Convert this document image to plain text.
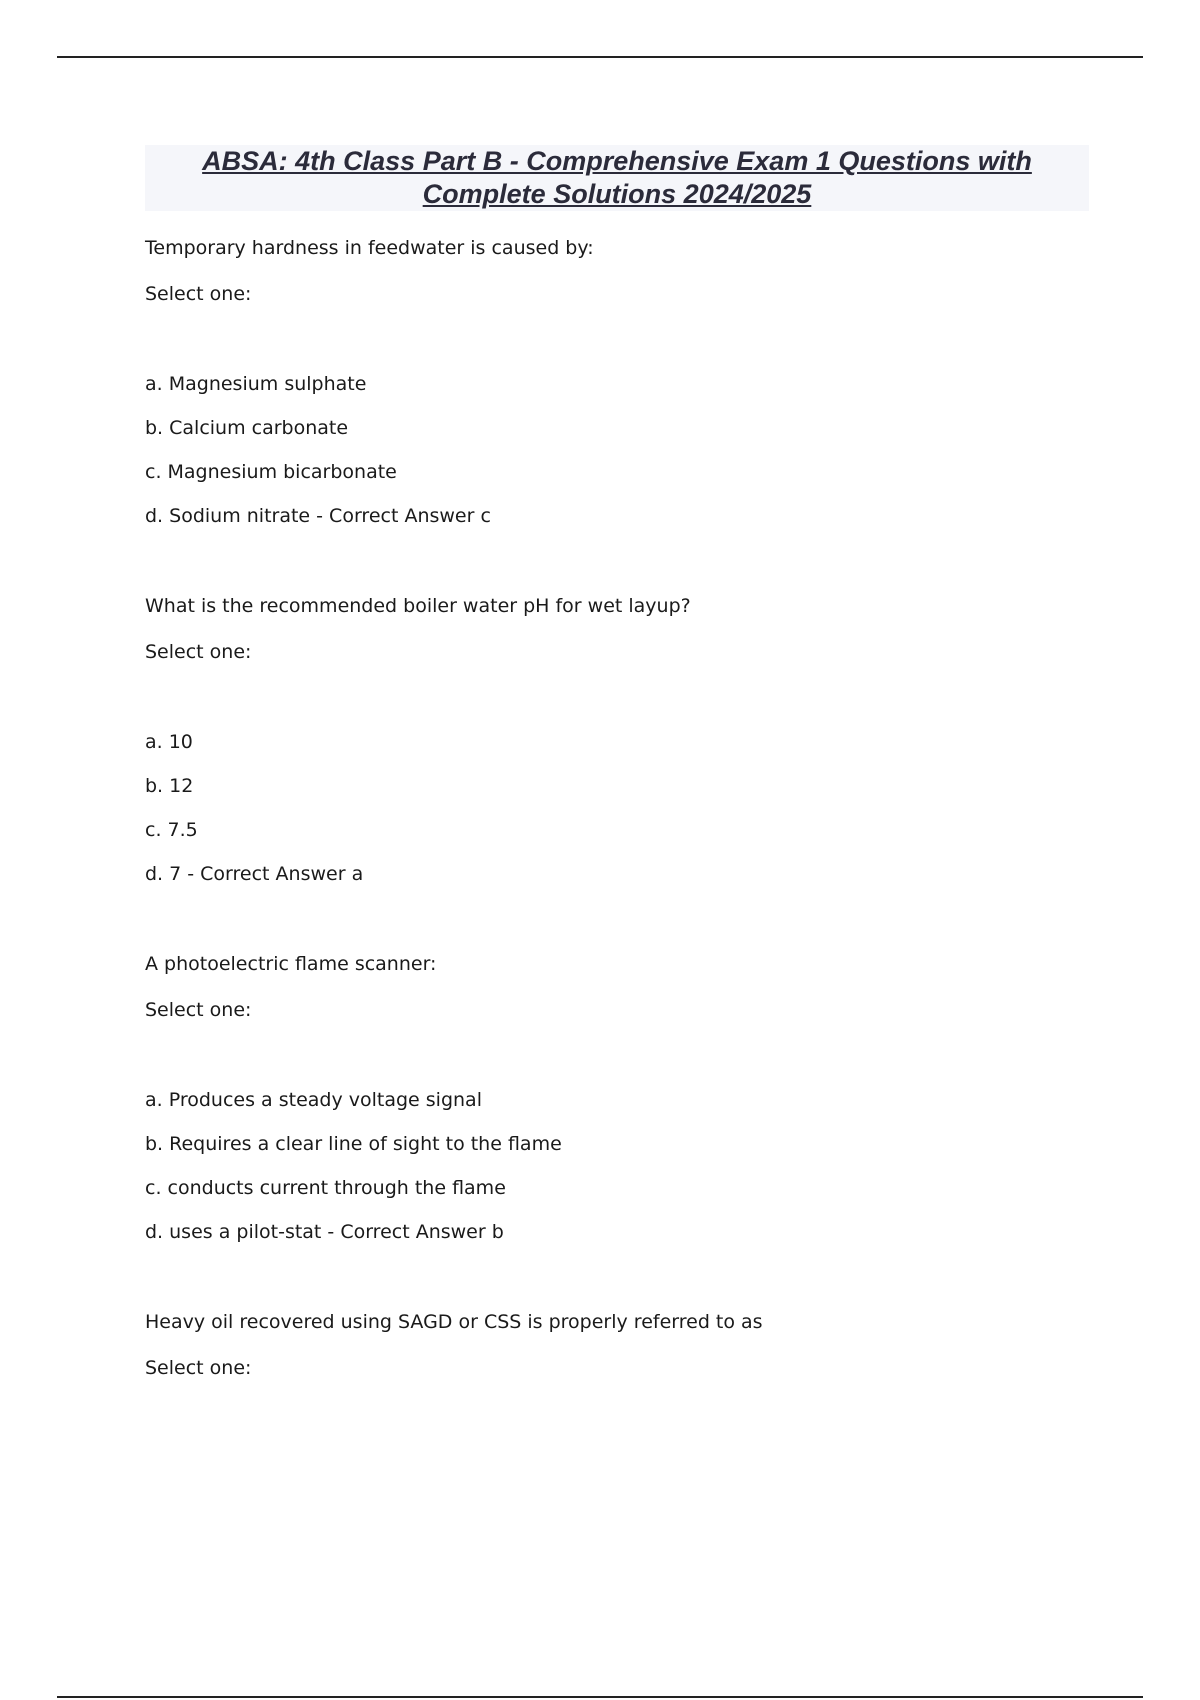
ABSA: 4th Class Part B - Comprehensive Exam 1 Questions with
Complete Solutions 2024/2025
Temporary hardness in feedwater is caused by:
Select one:
a. Magnesium sulphate
b. Calcium carbonate
c. Magnesium bicarbonate
d. Sodium nitrate - Correct Answer c
What is the recommended boiler water pH for wet layup?
Select one:
a. 10
b. 12
c. 7.5
d. 7 - Correct Answer a
A photoelectric flame scanner:
Select one:
a. Produces a steady voltage signal
b. Requires a clear line of sight to the flame
c. conducts current through the flame
d. uses a pilot-stat - Correct Answer b
Heavy oil recovered using SAGD or CSS is properly referred to as
Select one:
